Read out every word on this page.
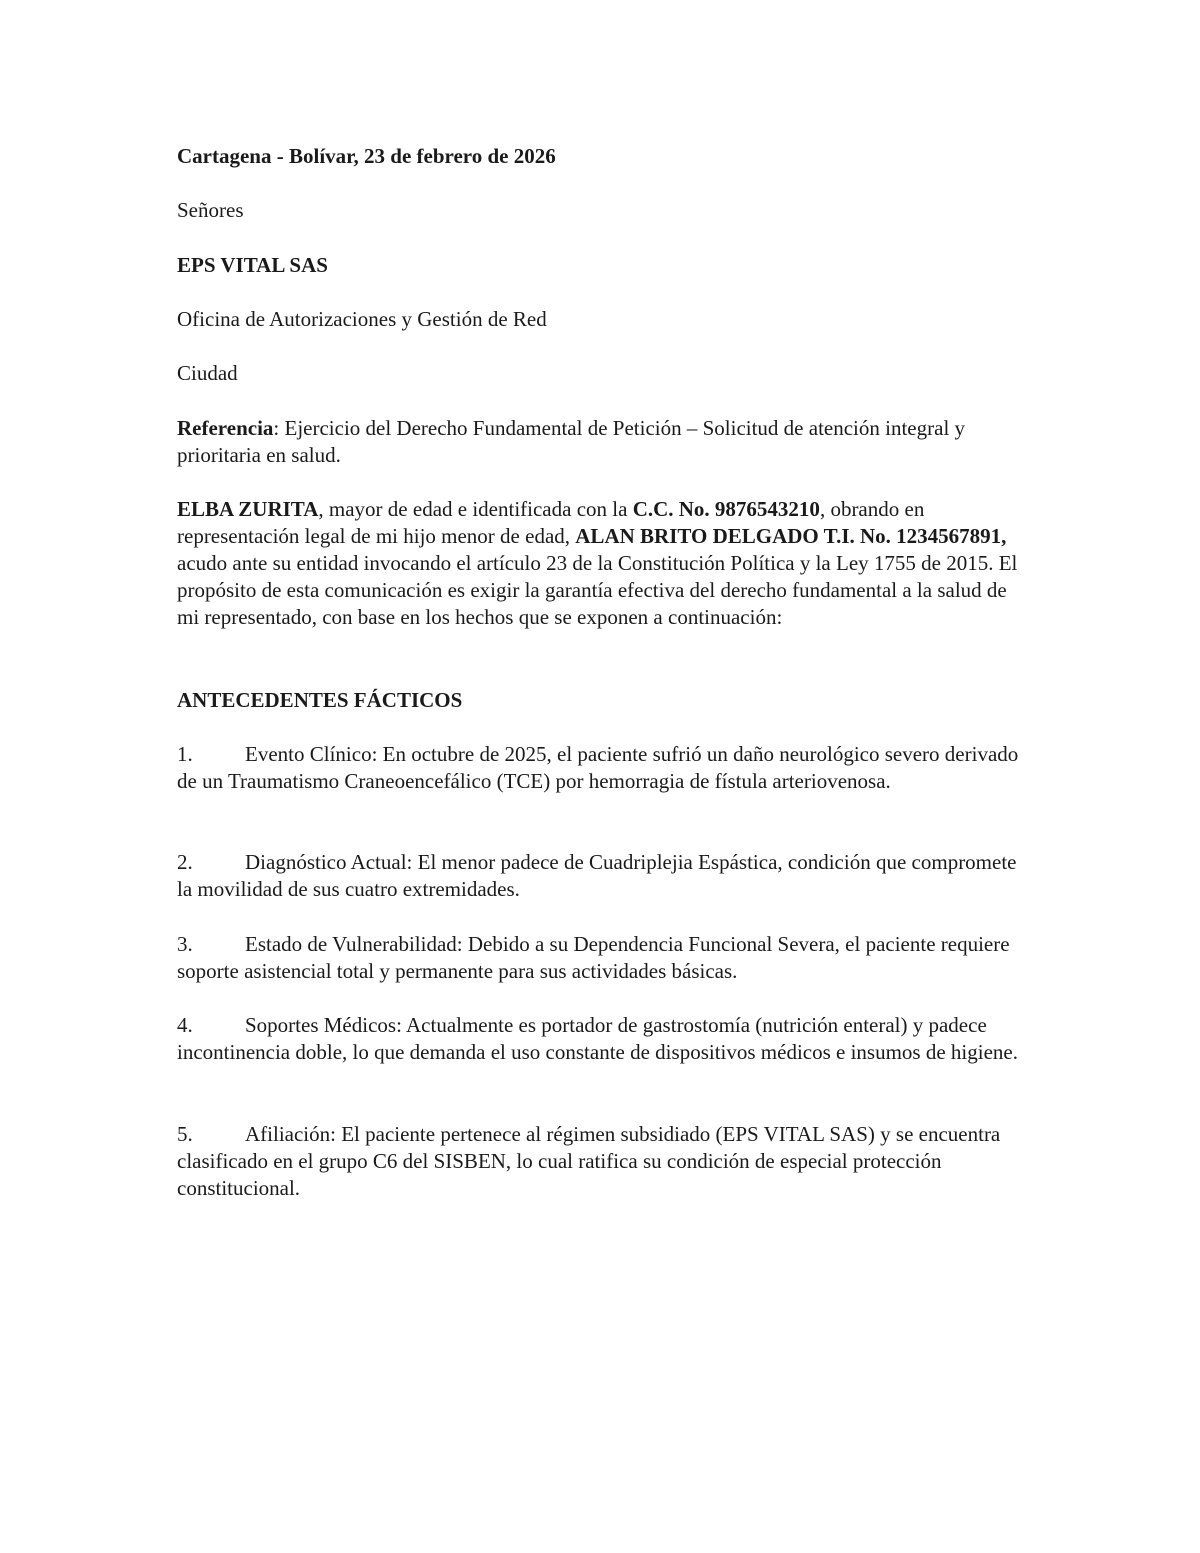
Cartagena - Bolívar, 23 de febrero de 2026

Señores

EPS VITAL SAS

Oficina de Autorizaciones y Gestión de Red

Ciudad

Referencia: Ejercicio del Derecho Fundamental de Petición – Solicitud de atención integral y prioritaria en salud.

ELBA ZURITA, mayor de edad e identificada con la C.C. No. 9876543210, obrando en representación legal de mi hijo menor de edad, ALAN BRITO DELGADO T.I. No. 1234567891, acudo ante su entidad invocando el artículo 23 de la Constitución Política y la Ley 1755 de 2015. El propósito de esta comunicación es exigir la garantía efectiva del derecho fundamental a la salud de mi representado, con base en los hechos que se exponen a continuación:

ANTECEDENTES FÁCTICOS

1. Evento Clínico: En octubre de 2025, el paciente sufrió un daño neurológico severo derivado de un Traumatismo Craneoencefálico (TCE) por hemorragia de fístula arteriovenosa.

2. Diagnóstico Actual: El menor padece de Cuadriplejia Espástica, condición que compromete la movilidad de sus cuatro extremidades.

3. Estado de Vulnerabilidad: Debido a su Dependencia Funcional Severa, el paciente requiere soporte asistencial total y permanente para sus actividades básicas.

4. Soportes Médicos: Actualmente es portador de gastrostomía (nutrición enteral) y padece incontinencia doble, lo que demanda el uso constante de dispositivos médicos e insumos de higiene.

5. Afiliación: El paciente pertenece al régimen subsidiado (EPS VITAL SAS) y se encuentra clasificado en el grupo C6 del SISBEN, lo cual ratifica su condición de especial protección constitucional.
